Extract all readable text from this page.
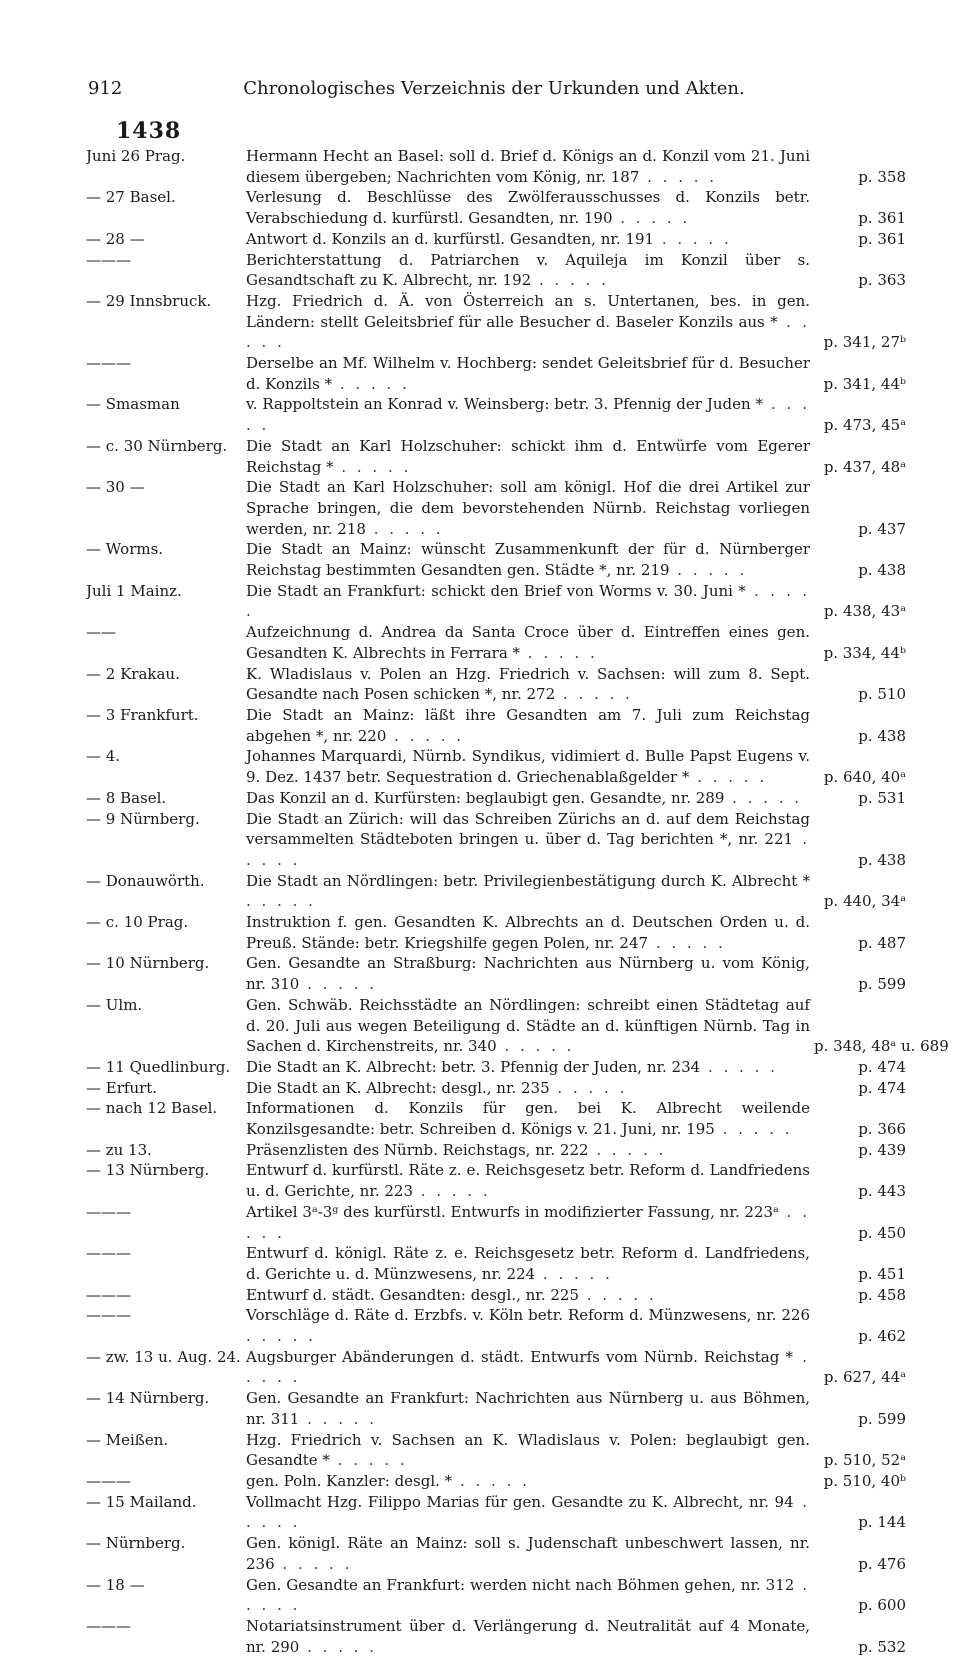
912	Chronologisches Verzeichnis der Urkunden und Akten.
1438
Juni 26 Prag.	Hermann Hecht an Basel: soll d. Brief d. Königs an d. Konzil vom 21. Juni diesem übergeben; Nachrichten vom König, nr. 187 . . . . .	p. 358
— 27 Basel.	Verlesung d. Beschlüsse des Zwölferausschusses d. Konzils betr. Verabschiedung d. kurfürstl. Gesandten, nr. 190 . . . . .	p. 361
— 28 —	Antwort d. Konzils an d. kurfürstl. Gesandten, nr. 191 . . . . .	p. 361
———	Berichterstattung d. Patriarchen v. Aquileja im Konzil über s. Gesandtschaft zu K. Albrecht, nr. 192 . . . . .	p. 363
— 29 Innsbruck.	Hzg. Friedrich d. Ä. von Österreich an s. Untertanen, bes. in gen. Ländern: stellt Geleitsbrief für alle Besucher d. Baseler Konzils aus * . . . . .	p. 341, 27ᵇ
———	Derselbe an Mf. Wilhelm v. Hochberg: sendet Geleitsbrief für d. Besucher d. Konzils * . . . . .	p. 341, 44ᵇ
— Smasman	v. Rappoltstein an Konrad v. Weinsberg: betr. 3. Pfennig der Juden * . . . . .	p. 473, 45ᵃ
— c. 30 Nürnberg.	Die Stadt an Karl Holzschuher: schickt ihm d. Entwürfe vom Egerer Reichstag * . . . . .	p. 437, 48ᵃ
— 30 —	Die Stadt an Karl Holzschuher: soll am königl. Hof die drei Artikel zur Sprache bringen, die dem bevorstehenden Nürnb. Reichstag vorliegen werden, nr. 218 . . . . .	p. 437
— Worms.	Die Stadt an Mainz: wünscht Zusammenkunft der für d. Nürnberger Reichstag bestimmten Gesandten gen. Städte *, nr. 219 . . . . .	p. 438
Juli 1 Mainz.	Die Stadt an Frankfurt: schickt den Brief von Worms v. 30. Juni * . . . . .	p. 438, 43ᵃ
——	Aufzeichnung d. Andrea da Santa Croce über d. Eintreffen eines gen. Gesandten K. Albrechts in Ferrara * . . . . .	p. 334, 44ᵇ
— 2 Krakau.	K. Wladislaus v. Polen an Hzg. Friedrich v. Sachsen: will zum 8. Sept. Gesandte nach Posen schicken *, nr. 272 . . . . .	p. 510
— 3 Frankfurt.	Die Stadt an Mainz: läßt ihre Gesandten am 7. Juli zum Reichstag abgehen *, nr. 220 . . . . .	p. 438
— 4.	Johannes Marquardi, Nürnb. Syndikus, vidimiert d. Bulle Papst Eugens v. 9. Dez. 1437 betr. Sequestration d. Griechenablaßgelder * . . . . .	p. 640, 40ᵃ
— 8 Basel.	Das Konzil an d. Kurfürsten: beglaubigt gen. Gesandte, nr. 289 . . . . .	p. 531
— 9 Nürnberg.	Die Stadt an Zürich: will das Schreiben Zürichs an d. auf dem Reichstag versammelten Städteboten bringen u. über d. Tag berichten *, nr. 221 . . . . .	p. 438
— Donauwörth.	Die Stadt an Nördlingen: betr. Privilegienbestätigung durch K. Albrecht * . . . . .	p. 440, 34ᵃ
— c. 10 Prag.	Instruktion f. gen. Gesandten K. Albrechts an d. Deutschen Orden u. d. Preuß. Stände: betr. Kriegshilfe gegen Polen, nr. 247 . . . . .	p. 487
— 10 Nürnberg.	Gen. Gesandte an Straßburg: Nachrichten aus Nürnberg u. vom König, nr. 310 . . . . .	p. 599
— Ulm.	Gen. Schwäb. Reichsstädte an Nördlingen: schreibt einen Städtetag auf d. 20. Juli aus wegen Beteiligung d. Städte an d. künftigen Nürnb. Tag in Sachen d. Kirchenstreits, nr. 340 . . . . .	p. 348, 48ᵃ u. 689
— 11 Quedlinburg.	Die Stadt an K. Albrecht: betr. 3. Pfennig der Juden, nr. 234 . . . . .	p. 474
— Erfurt.	Die Stadt an K. Albrecht: desgl., nr. 235 . . . . .	p. 474
— nach 12 Basel.	Informationen d. Konzils für gen. bei K. Albrecht weilende Konzilsgesandte: betr. Schreiben d. Königs v. 21. Juni, nr. 195 . . . . .	p. 366
— zu 13.	Präsenzlisten des Nürnb. Reichstags, nr. 222 . . . . .	p. 439
— 13 Nürnberg.	Entwurf d. kurfürstl. Räte z. e. Reichsgesetz betr. Reform d. Landfriedens u. d. Gerichte, nr. 223 . . . . .	p. 443
———	Artikel 3ᵃ-3ᵍ des kurfürstl. Entwurfs in modifizierter Fassung, nr. 223ᵃ . . . . .	p. 450
———	Entwurf d. königl. Räte z. e. Reichsgesetz betr. Reform d. Landfriedens, d. Gerichte u. d. Münzwesens, nr. 224 . . . . .	p. 451
———	Entwurf d. städt. Gesandten: desgl., nr. 225 . . . . .	p. 458
———	Vorschläge d. Räte d. Erzbfs. v. Köln betr. Reform d. Münzwesens, nr. 226 . . . . .	p. 462
— zw. 13 u. Aug. 24. Augsburger Abänderungen d. städt. Entwurfs vom Nürnb. Reichstag * . . . . .	p. 627, 44ᵃ
— 14 Nürnberg.	Gen. Gesandte an Frankfurt: Nachrichten aus Nürnberg u. aus Böhmen, nr. 311 . . . . .	p. 599
— Meißen.	Hzg. Friedrich v. Sachsen an K. Wladislaus v. Polen: beglaubigt gen. Gesandte * . . . . .	p. 510, 52ᵃ
———	gen. Poln. Kanzler: desgl. * . . . . .	p. 510, 40ᵇ
— 15 Mailand.	Vollmacht Hzg. Filippo Marias für gen. Gesandte zu K. Albrecht, nr. 94 . . . . .	p. 144
— Nürnberg.	Gen. königl. Räte an Mainz: soll s. Judenschaft unbeschwert lassen, nr. 236 . . . . .	p. 476
— 18 —	Gen. Gesandte an Frankfurt: werden nicht nach Böhmen gehen, nr. 312 . . . . .	p. 600
———	Notariatsinstrument über d. Verlängerung d. Neutralität auf 4 Monate, nr. 290 . . . . .	p. 532
